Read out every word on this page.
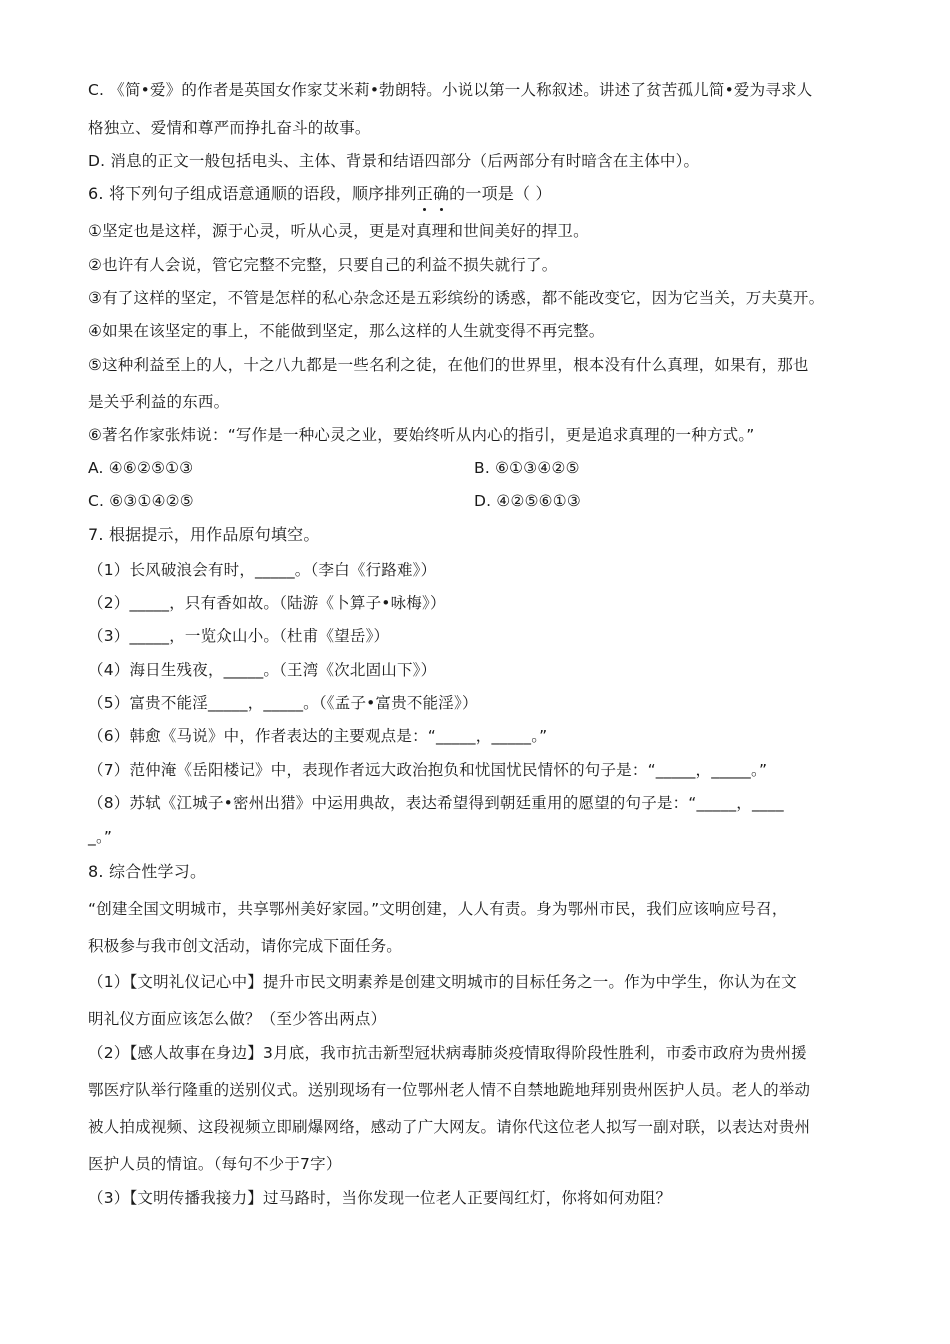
C. 《简•爱》的作者是英国女作家艾米莉•勃朗特。小说以第一人称叙述。讲述了贫苦孤儿简•爱为寻求人
格独立、爱情和尊严而挣扎奋斗的故事。
D. 消息的正文一般包括电头、主体、背景和结语四部分（后两部分有时暗含在主体中）。
6. 将下列句子组成语意通顺的语段，顺序排列正确
的一项是（ ）
①坚定也是这样，源于心灵，听从心灵，更是对真理和世间美好的捍卫。
②也许有人会说，管它完整不完整，只要自己的利益不损失就行了。
③有了这样的坚定，不管是怎样的私心杂念还是五彩缤纷的诱惑，都不能改变它，因为它当关，万夫莫开。
④如果在该坚定的事上，不能做到坚定，那么这样的人生就变得不再完整。
⑤这种利益至上的人，十之八九都是一些名利之徒，在他们的世界里，根本没有什么真理，如果有，那也
是关乎利益的东西。
⑥著名作家张炜说：“写作是一种心灵之业，要始终听从内心的指引，更是追求真理的一种方式。”
A. ④⑥②⑤①③	B. ⑥①③④②⑤
C. ⑥③①④②⑤	D. ④②⑤⑥①③
7. 根据提示，用作品原句填空。
（1）长风破浪会有时，_____。（李白《行路难》）
（2）_____，只有香如故。（陆游《卜算子•咏梅》）
（3）_____，一览众山小。（杜甫《望岳》）
（4）海日生残夜，_____。（王湾《次北固山下》）
（5）富贵不能淫_____，_____。（《孟子•富贵不能淫》）
（6）韩愈《马说》中，作者表达的主要观点是：“_____，_____。”
（7）范仲淹《岳阳楼记》中，表现作者远大政治抱负和忧国忧民情怀的句子是：“_____，_____。”
（8）苏轼《江城子•密州出猎》中运用典故，表达希望得到朝廷重用的愿望的句子是：“_____，____
_。”
8. 综合性学习。
“创建全国文明城市，共享鄂州美好家园。”文明创建，人人有责。身为鄂州市民，我们应该响应号召，
积极参与我市创文活动，请你完成下面任务。
（1）【文明礼仪记心中】提升市民文明素养是创建文明城市的目标任务之一。作为中学生，你认为在文
明礼仪方面应该怎么做？（至少答出两点）
（2）【感人故事在身边】3月底，我市抗击新型冠状病毒肺炎疫情取得阶段性胜利，市委市政府为贵州援
鄂医疗队举行隆重的送别仪式。送别现场有一位鄂州老人情不自禁地跪地拜别贵州医护人员。老人的举动
被人拍成视频、这段视频立即刷爆网络，感动了广大网友。请你代这位老人拟写一副对联，以表达对贵州
医护人员的情谊。（每句不少于7字）
（3）【文明传播我接力】过马路时，当你发现一位老人正要闯红灯，你将如何劝阻？
